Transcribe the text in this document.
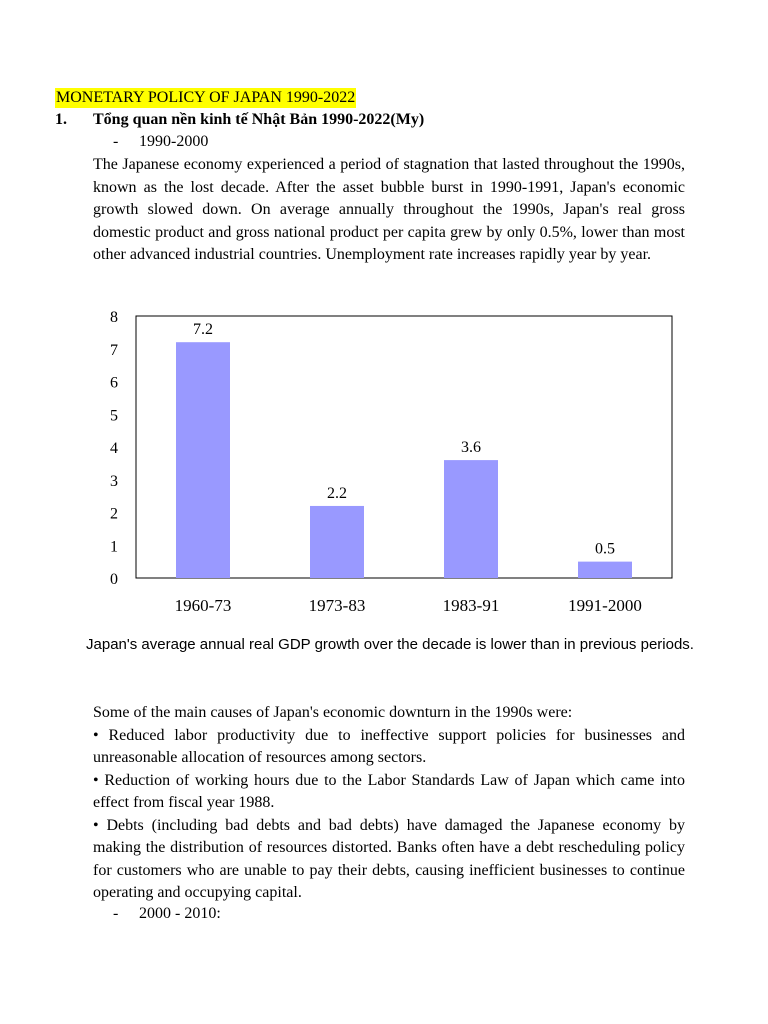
MONETARY POLICY OF JAPAN 1990-2022
1. Tổng quan nền kinh tế Nhật Bản 1990-2022(My)
- 1990-2000

The Japanese economy experienced a period of stagnation that lasted throughout the 1990s, known as the lost decade. After the asset bubble burst in 1990-1991, Japan's economic growth slowed down. On average annually throughout the 1990s, Japan's real gross domestic product and gross national product per capita grew by only 0.5%, lower than most other advanced industrial countries. Unemployment rate increases rapidly year by year.

0
1
2
3
4
5
6
7
8
7.2
2.2
3.6
0.5
1960-73	1973-83	1983-91	1991-2000
Japan's average annual real GDP growth over the decade is lower than in previous periods.
Some of the main causes of Japan's economic downturn in the 1990s were:
• Reduced labor productivity due to ineffective support policies for businesses and unreasonable allocation of resources among sectors.
• Reduction of working hours due to the Labor Standards Law of Japan which came into effect from fiscal year 1988.
• Debts (including bad debts and bad debts) have damaged the Japanese economy by making the distribution of resources distorted. Banks often have a debt rescheduling policy for customers who are unable to pay their debts, causing inefficient businesses to continue operating and occupying capital.
- 2000 - 2010:
